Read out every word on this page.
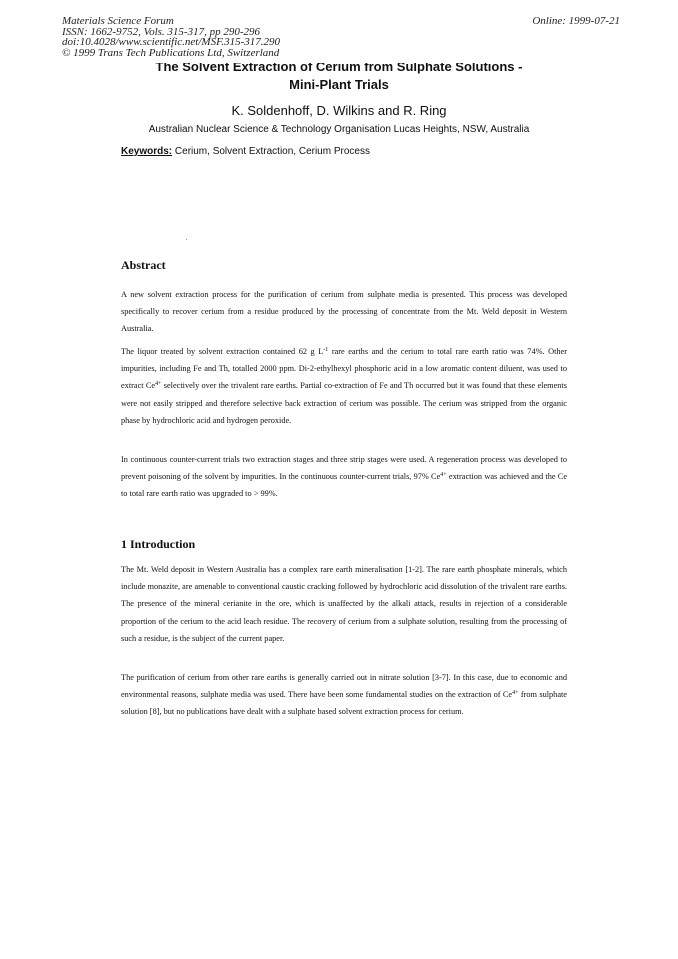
Materials Science Forum
ISSN: 1662-9752, Vols. 315-317, pp 290-296
doi:10.4028/www.scientific.net/MSF.315-317.290
© 1999 Trans Tech Publications Ltd, Switzerland
Online: 1999-07-21
The Solvent Extraction of Cerium from Sulphate Solutions -
Mini-Plant Trials
K. Soldenhoff, D. Wilkins and R. Ring
Australian Nuclear Science & Technology Organisation Lucas Heights, NSW, Australia
Keywords: Cerium, Solvent Extraction, Cerium Process
Abstract

A new solvent extraction process for the purification of cerium from sulphate media is presented. This process was developed specifically to recover cerium from a residue produced by the processing of concentrate from the Mt. Weld deposit in Western Australia.

The liquor treated by solvent extraction contained 62 g $L^{-1}$ rare earths and the cerium to total rare earth ratio was 74%. Other impurities, including Fe and Th, totalled 2000 ppm. Di-2-ethylhexyl phosphoric acid in a low aromatic content diluent, was used to extract $Ce^{4+}$ selectively over the trivalent rare earths. Partial co-extraction of Fe and Th occurred but it was found that these elements were not easily stripped and therefore selective back extraction of cerium was possible. The cerium was stripped from the organic phase by hydrochloric acid and hydrogen peroxide.

In continuous counter-current trials two extraction stages and three strip stages were used. A regeneration process was developed to prevent poisoning of the solvent by impurities. In the continuous counter-current trials, 97% $Ce^{4+}$ extraction was achieved and the Ce to total rare earth ratio was upgraded to > 99%.

1 Introduction

The Mt. Weld deposit in Western Australia has a complex rare earth mineralisation [1-2]. The rare earth phosphate minerals, which include monazite, are amenable to conventional caustic cracking followed by hydrochloric acid dissolution of the trivalent rare earths. The presence of the mineral cerianite in the ore, which is unaffected by the alkali attack, results in rejection of a considerable proportion of the cerium to the acid leach residue. The recovery of cerium from a sulphate solution, resulting from the processing of such a residue, is the subject of the current paper.

The purification of cerium from other rare earths is generally carried out in nitrate solution [3-7]. In this case, due to economic and environmental reasons, sulphate media was used. There have been some fundamental studies on the extraction of $Ce^{4+}$ from sulphate solution [8], but no publications have dealt with a sulphate based solvent extraction process for cerium.
